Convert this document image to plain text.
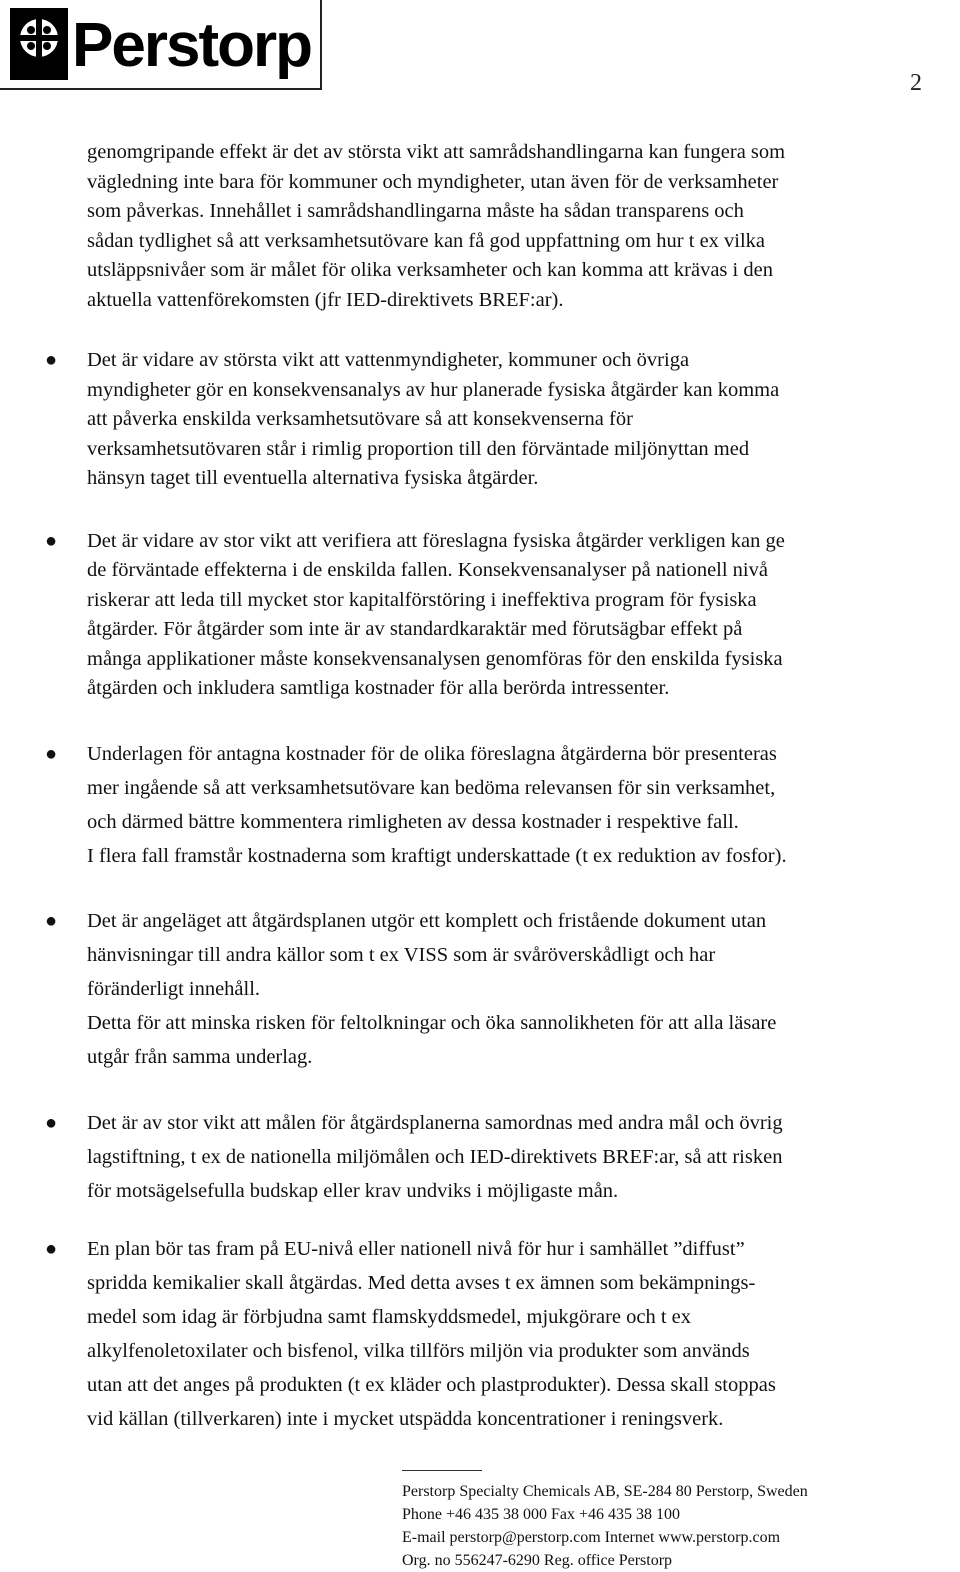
Perstorp
2

genomgripande effekt är det av största vikt att samrådshandlingarna kan fungera som

vägledning inte bara för kommuner och myndigheter, utan även för de verksamheter

som påverkas. Innehållet i samrådshandlingarna måste ha sådan transparens och

sådan tydlighet så att verksamhetsutövare kan få god uppfattning om hur t ex vilka

utsläppsnivåer som är målet för olika verksamheter och kan komma att krävas i den

aktuella vattenförekomsten (jfr IED-direktivets BREF:ar).

● Det är vidare av största vikt att vattenmyndigheter, kommuner och övriga

myndigheter gör en konsekvensanalys av hur planerade fysiska åtgärder kan komma

att påverka enskilda verksamhetsutövare så att konsekvenserna för

verksamhetsutövaren står i rimlig proportion till den förväntade miljönyttan med

hänsyn taget till eventuella alternativa fysiska åtgärder.

● Det är vidare av stor vikt att verifiera att föreslagna fysiska åtgärder verkligen kan ge

de förväntade effekterna i de enskilda fallen. Konsekvensanalyser på nationell nivå

riskerar att leda till mycket stor kapitalförstöring i ineffektiva program för fysiska

åtgärder. För åtgärder som inte är av standardkaraktär med förutsägbar effekt på

många applikationer måste konsekvensanalysen genomföras för den enskilda fysiska

åtgärden och inkludera samtliga kostnader för alla berörda intressenter.

● Underlagen för antagna kostnader för de olika föreslagna åtgärderna bör presenteras

mer ingående så att verksamhetsutövare kan bedöma relevansen för sin verksamhet,

och därmed bättre kommentera rimligheten av dessa kostnader i respektive fall.

I flera fall framstår kostnaderna som kraftigt underskattade (t ex reduktion av fosfor).

● Det är angeläget att åtgärdsplanen utgör ett komplett och fristående dokument utan

hänvisningar till andra källor som t ex VISS som är svåröverskådligt och har

föränderligt innehåll.

Detta för att minska risken för feltolkningar och öka sannolikheten för att alla läsare

utgår från samma underlag.

● Det är av stor vikt att målen för åtgärdsplanerna samordnas med andra mål och övrig

lagstiftning, t ex de nationella miljömålen och IED-direktivets BREF:ar, så att risken

för motsägelsefulla budskap eller krav undviks i möjligaste mån.

● En plan bör tas fram på EU-nivå eller nationell nivå för hur i samhället ”diffust”

spridda kemikalier skall åtgärdas. Med detta avses t ex ämnen som bekämpnings-

medel som idag är förbjudna samt flamskyddsmedel, mjukgörare och t ex

alkylfenoletoxilater och bisfenol, vilka tillförs miljön via produkter som används

utan att det anges på produkten (t ex kläder och plastprodukter). Dessa skall stoppas

vid källan (tillverkaren) inte i mycket utspädda koncentrationer i reningsverk.

Perstorp Specialty Chemicals AB, SE-284 80 Perstorp, Sweden
Phone +46 435 38 000 Fax +46 435 38 100
E-mail perstorp@perstorp.com Internet www.perstorp.com
Org. no 556247-6290 Reg. office Perstorp
